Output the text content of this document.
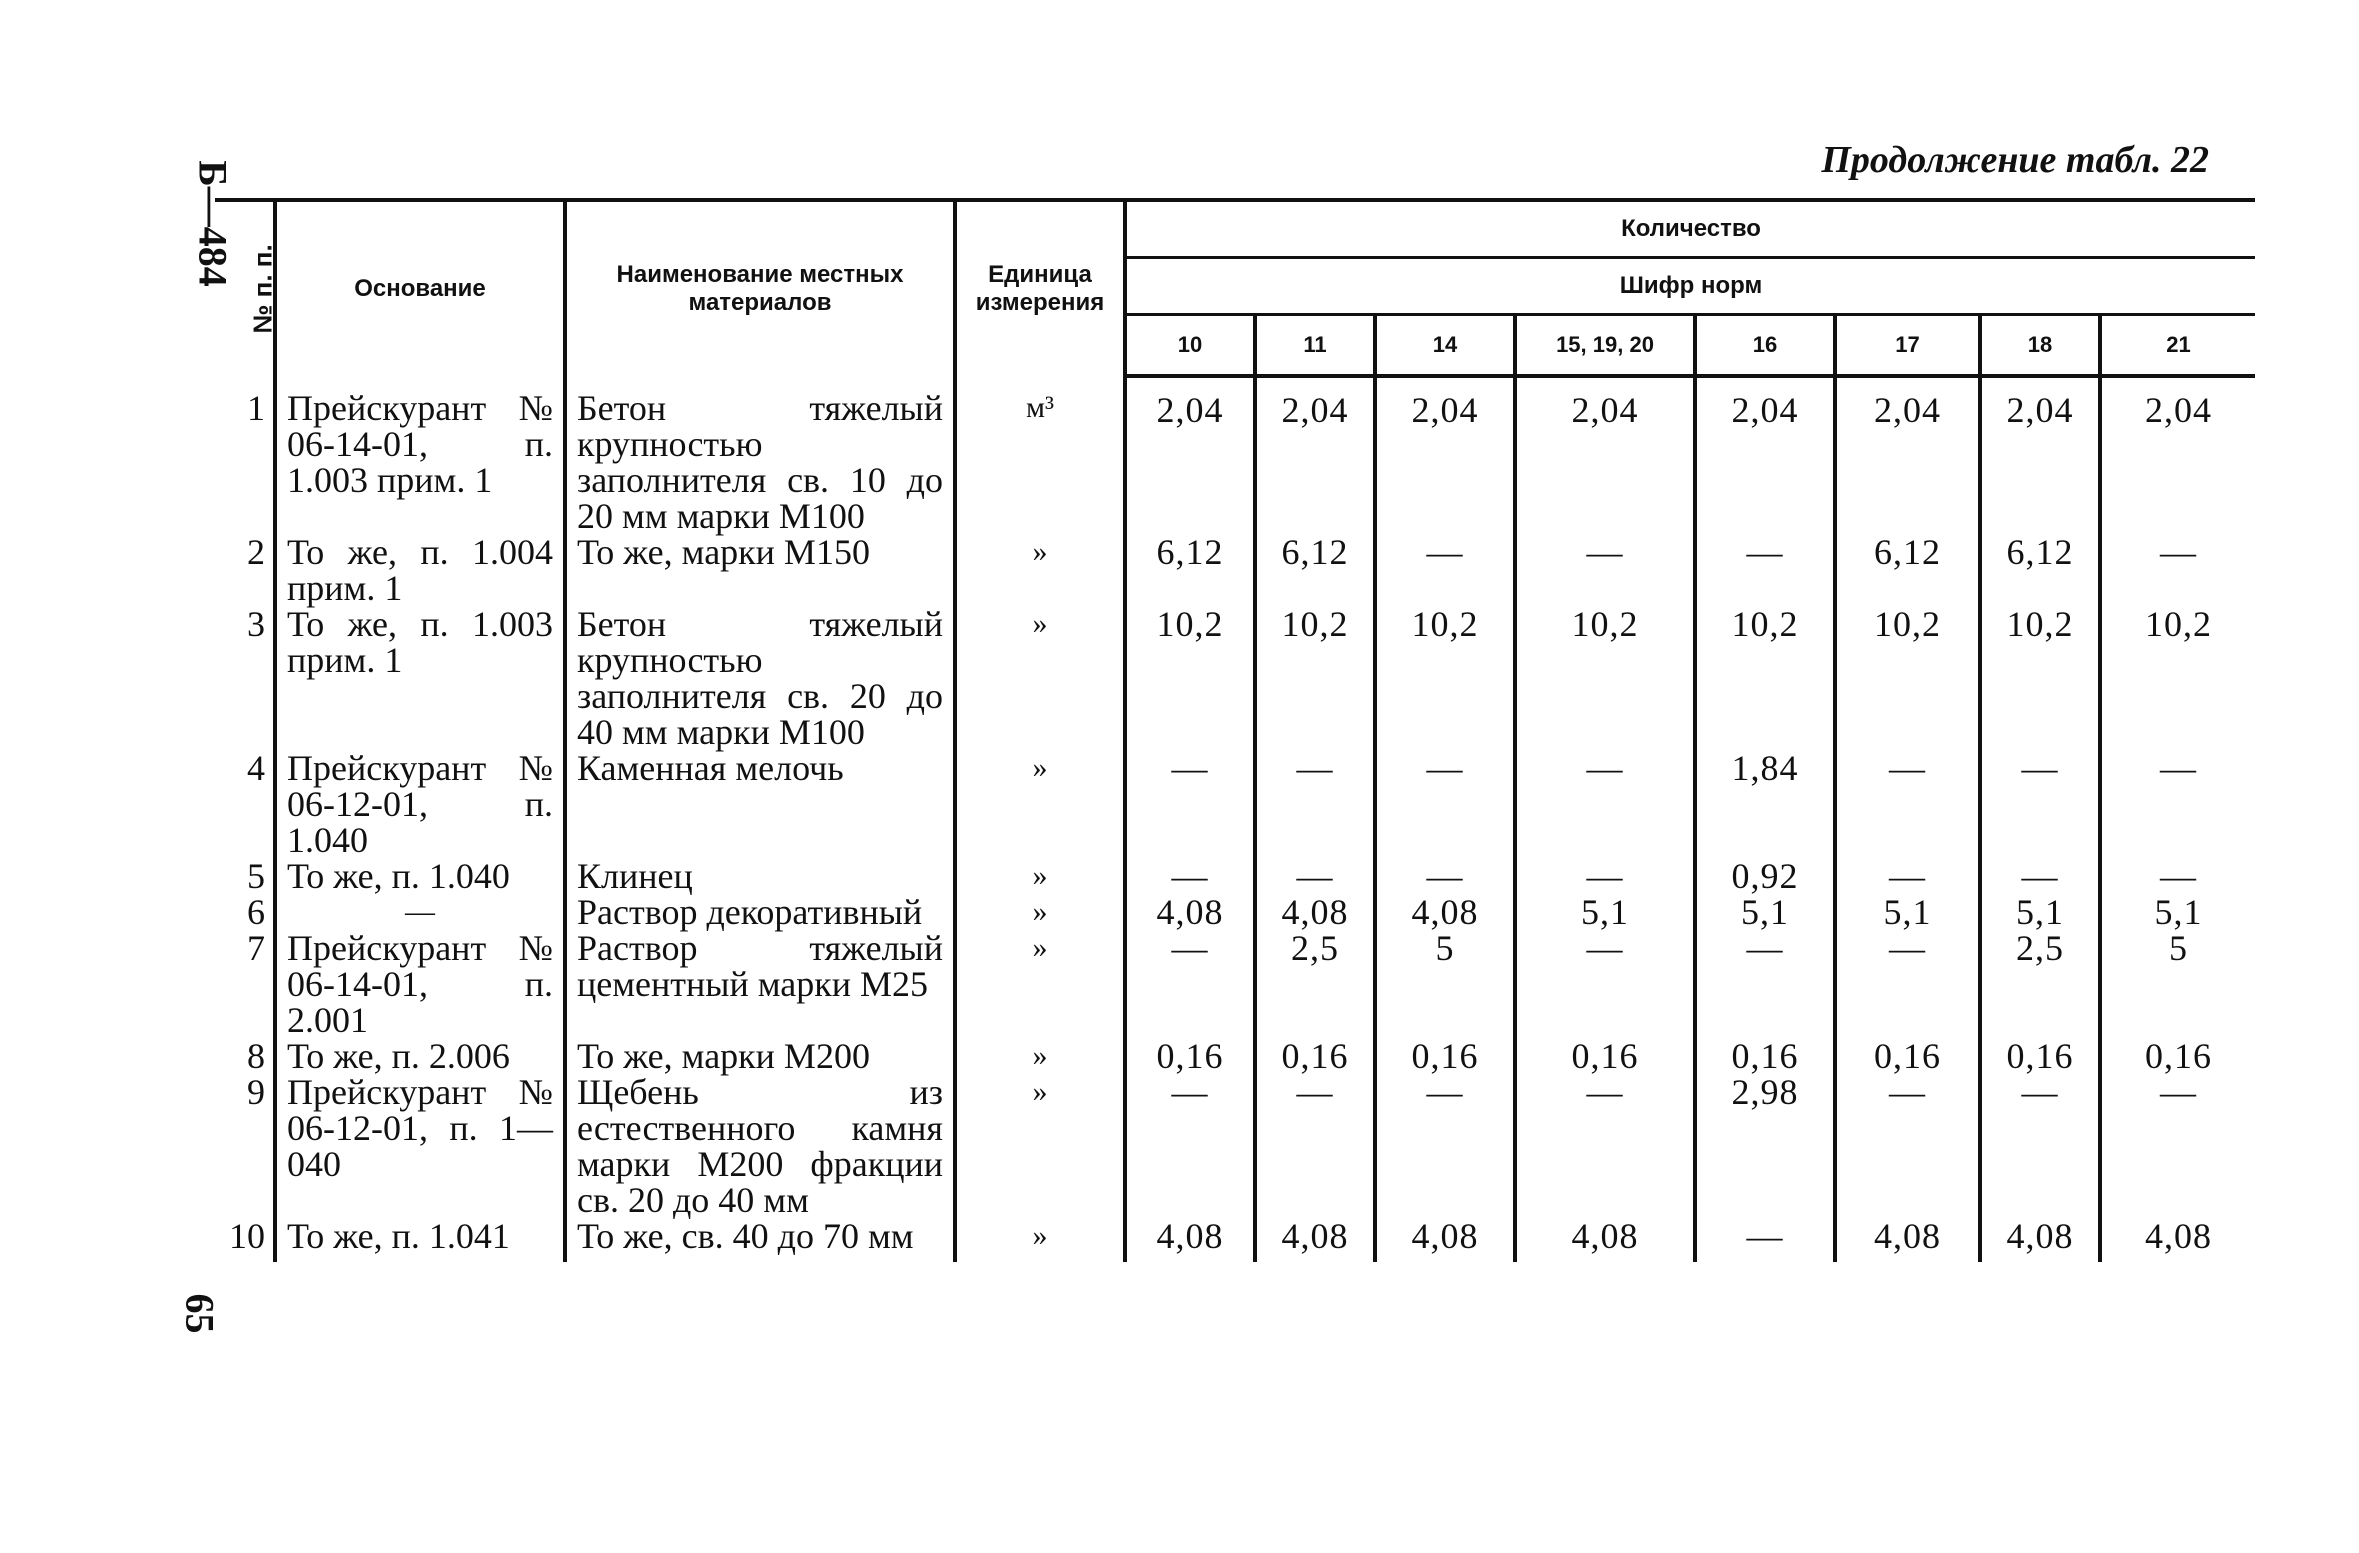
Б—484
65
Продолжение табл. 22
№ п. п.	Основание	Наименование местных материалов	Единица измерения	Количество							
				Шифр норм							
				10	11	14	15, 19, 20	16	17	18	21
1	Прейскурант № 06-14-01, п. 1.003 прим. 1	Бетон тяжелый крупностью заполнителя св. 10 до 20 мм марки М100	м³	2,04	2,04	2,04	2,04	2,04	2,04	2,04	2,04
2	То же, п. 1.004 прим. 1	То же, марки М150	»	6,12	6,12	—	—	—	6,12	6,12	—
3	То же, п. 1.003 прим. 1	Бетон тяжелый крупностью заполнителя св. 20 до 40 мм марки М100	»	10,2	10,2	10,2	10,2	10,2	10,2	10,2	10,2
4	Прейскурант № 06-12-01, п. 1.040	Каменная мелочь	»	—	—	—	—	1,84	—	—	—
5	То же, п. 1.040	Клинец	»	—	—	—	—	0,92	—	—	—
6	—	Раствор декоративный	»	4,08	4,08	4,08	5,1	5,1	5,1	5,1	5,1
7	Прейскурант № 06-14-01, п. 2.001	Раствор тяжелый цементный марки М25	»	—	2,5	5	—	—	—	2,5	5
8	То же, п. 2.006	То же, марки М200	»	0,16	0,16	0,16	0,16	0,16	0,16	0,16	0,16
9	Прейскурант № 06-12-01, п. 1—040	Щебень из естественного камня марки М200 фракции св. 20 до 40 мм	»	—	—	—	—	2,98	—	—	—
10	То же, п. 1.041	То же, св. 40 до 70 мм	»	4,08	4,08	4,08	4,08	—	4,08	4,08	4,08
